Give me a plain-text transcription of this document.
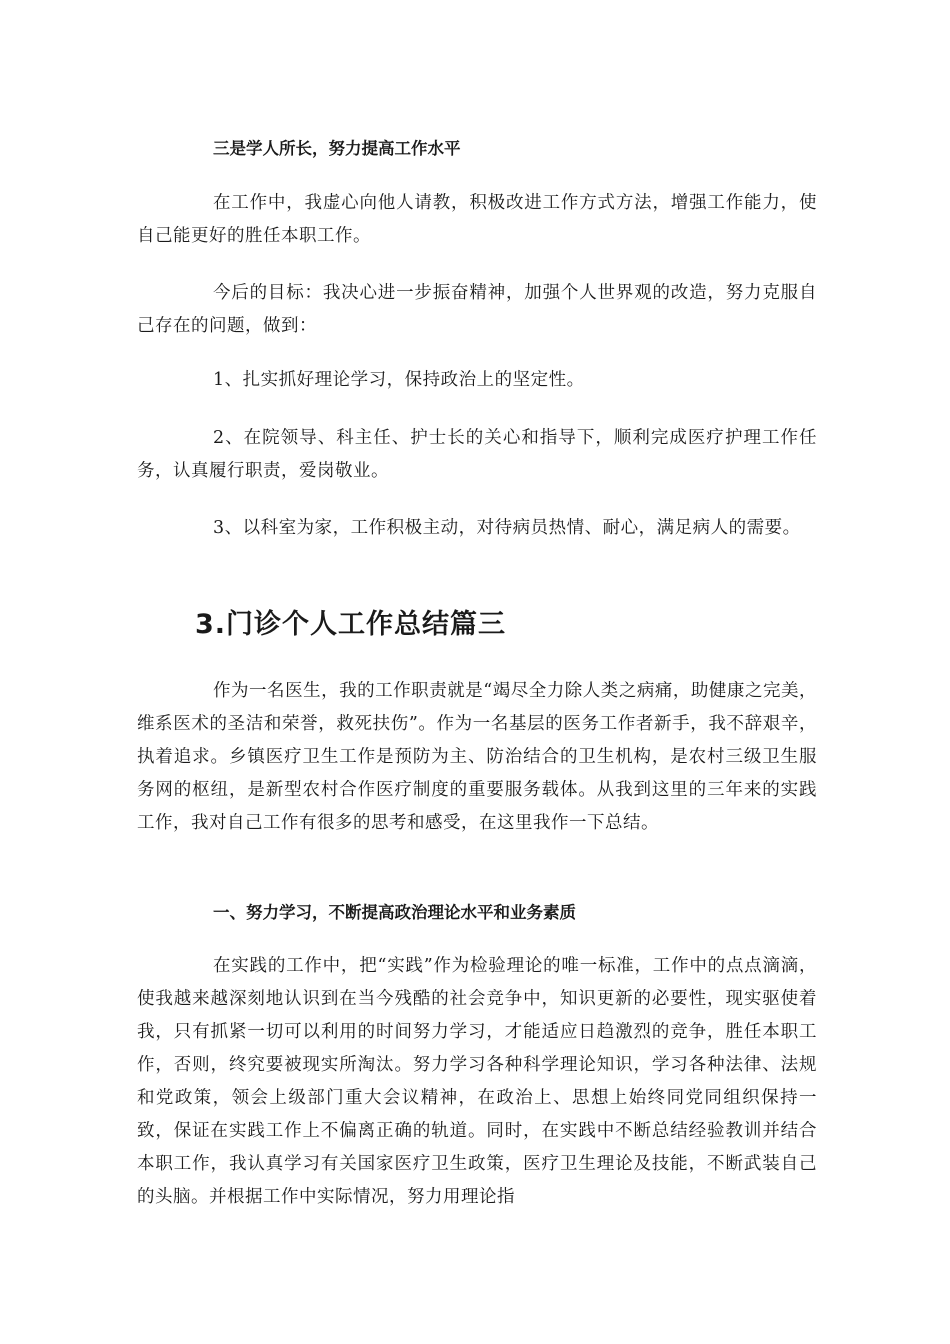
三是学人所长，努力提高工作水平

在工作中，我虚心向他人请教，积极改进工作方式方法，增强工作能力，使自己能更好的胜任本职工作。

今后的目标：我决心进一步振奋精神，加强个人世界观的改造，努力克服自己存在的问题，做到：

1、扎实抓好理论学习，保持政治上的坚定性。

2、在院领导、科主任、护士长的关心和指导下，顺利完成医疗护理工作任务，认真履行职责，爱岗敬业。

3、以科室为家，工作积极主动，对待病员热情、耐心，满足病人的需要。

3.门诊个人工作总结篇三

作为一名医生，我的工作职责就是“竭尽全力除人类之病痛，助健康之完美，维系医术的圣洁和荣誉，救死扶伤”。作为一名基层的医务工作者新手，我不辞艰辛，执着追求。乡镇医疗卫生工作是预防为主、防治结合的卫生机构，是农村三级卫生服务网的枢纽，是新型农村合作医疗制度的重要服务载体。从我到这里的三年来的实践工作，我对自己工作有很多的思考和感受，在这里我作一下总结。

一、努力学习，不断提高政治理论水平和业务素质

在实践的工作中，把“实践”作为检验理论的唯一标准，工作中的点点滴滴，使我越来越深刻地认识到在当今残酷的社会竞争中，知识更新的必要性，现实驱使着我，只有抓紧一切可以利用的时间努力学习，才能适应日趋激烈的竞争，胜任本职工作，否则，终究要被现实所淘汰。努力学习各种科学理论知识，学习各种法律、法规和党政策，领会上级部门重大会议精神，在政治上、思想上始终同党同组织保持一致，保证在实践工作上不偏离正确的轨道。同时，在实践中不断总结经验教训并结合本职工作，我认真学习有关国家医疗卫生政策，医疗卫生理论及技能，不断武装自己的头脑。并根据工作中实际情况，努力用理论指
